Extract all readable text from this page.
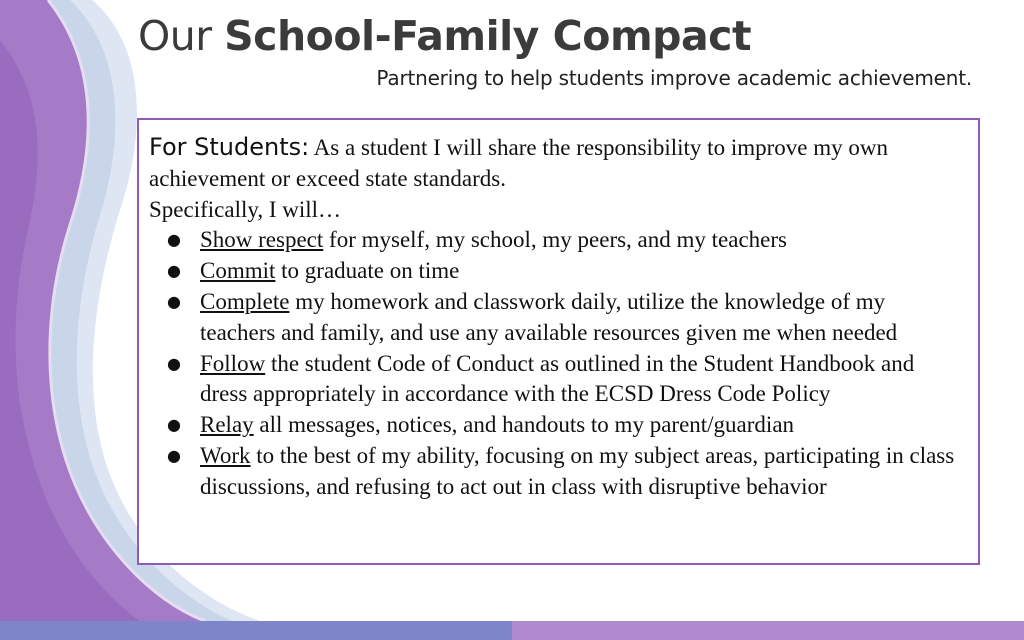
Our School-Family Compact

Partnering to help students improve academic achievement.

For Students: As a student I will share the responsibility to improve my own achievement or exceed state standards.

Specifically, I will…

● Show respect for myself, my school, my peers, and my teachers
● Commit to graduate on time
● Complete my homework and classwork daily, utilize the knowledge of my teachers and family, and use any available resources given me when needed
● Follow the student Code of Conduct as outlined in the Student Handbook and dress appropriately in accordance with the ECSD Dress Code Policy
● Relay all messages, notices, and handouts to my parent/guardian
● Work to the best of my ability, focusing on my subject areas, participating in class discussions, and refusing to act out in class with disruptive behavior
